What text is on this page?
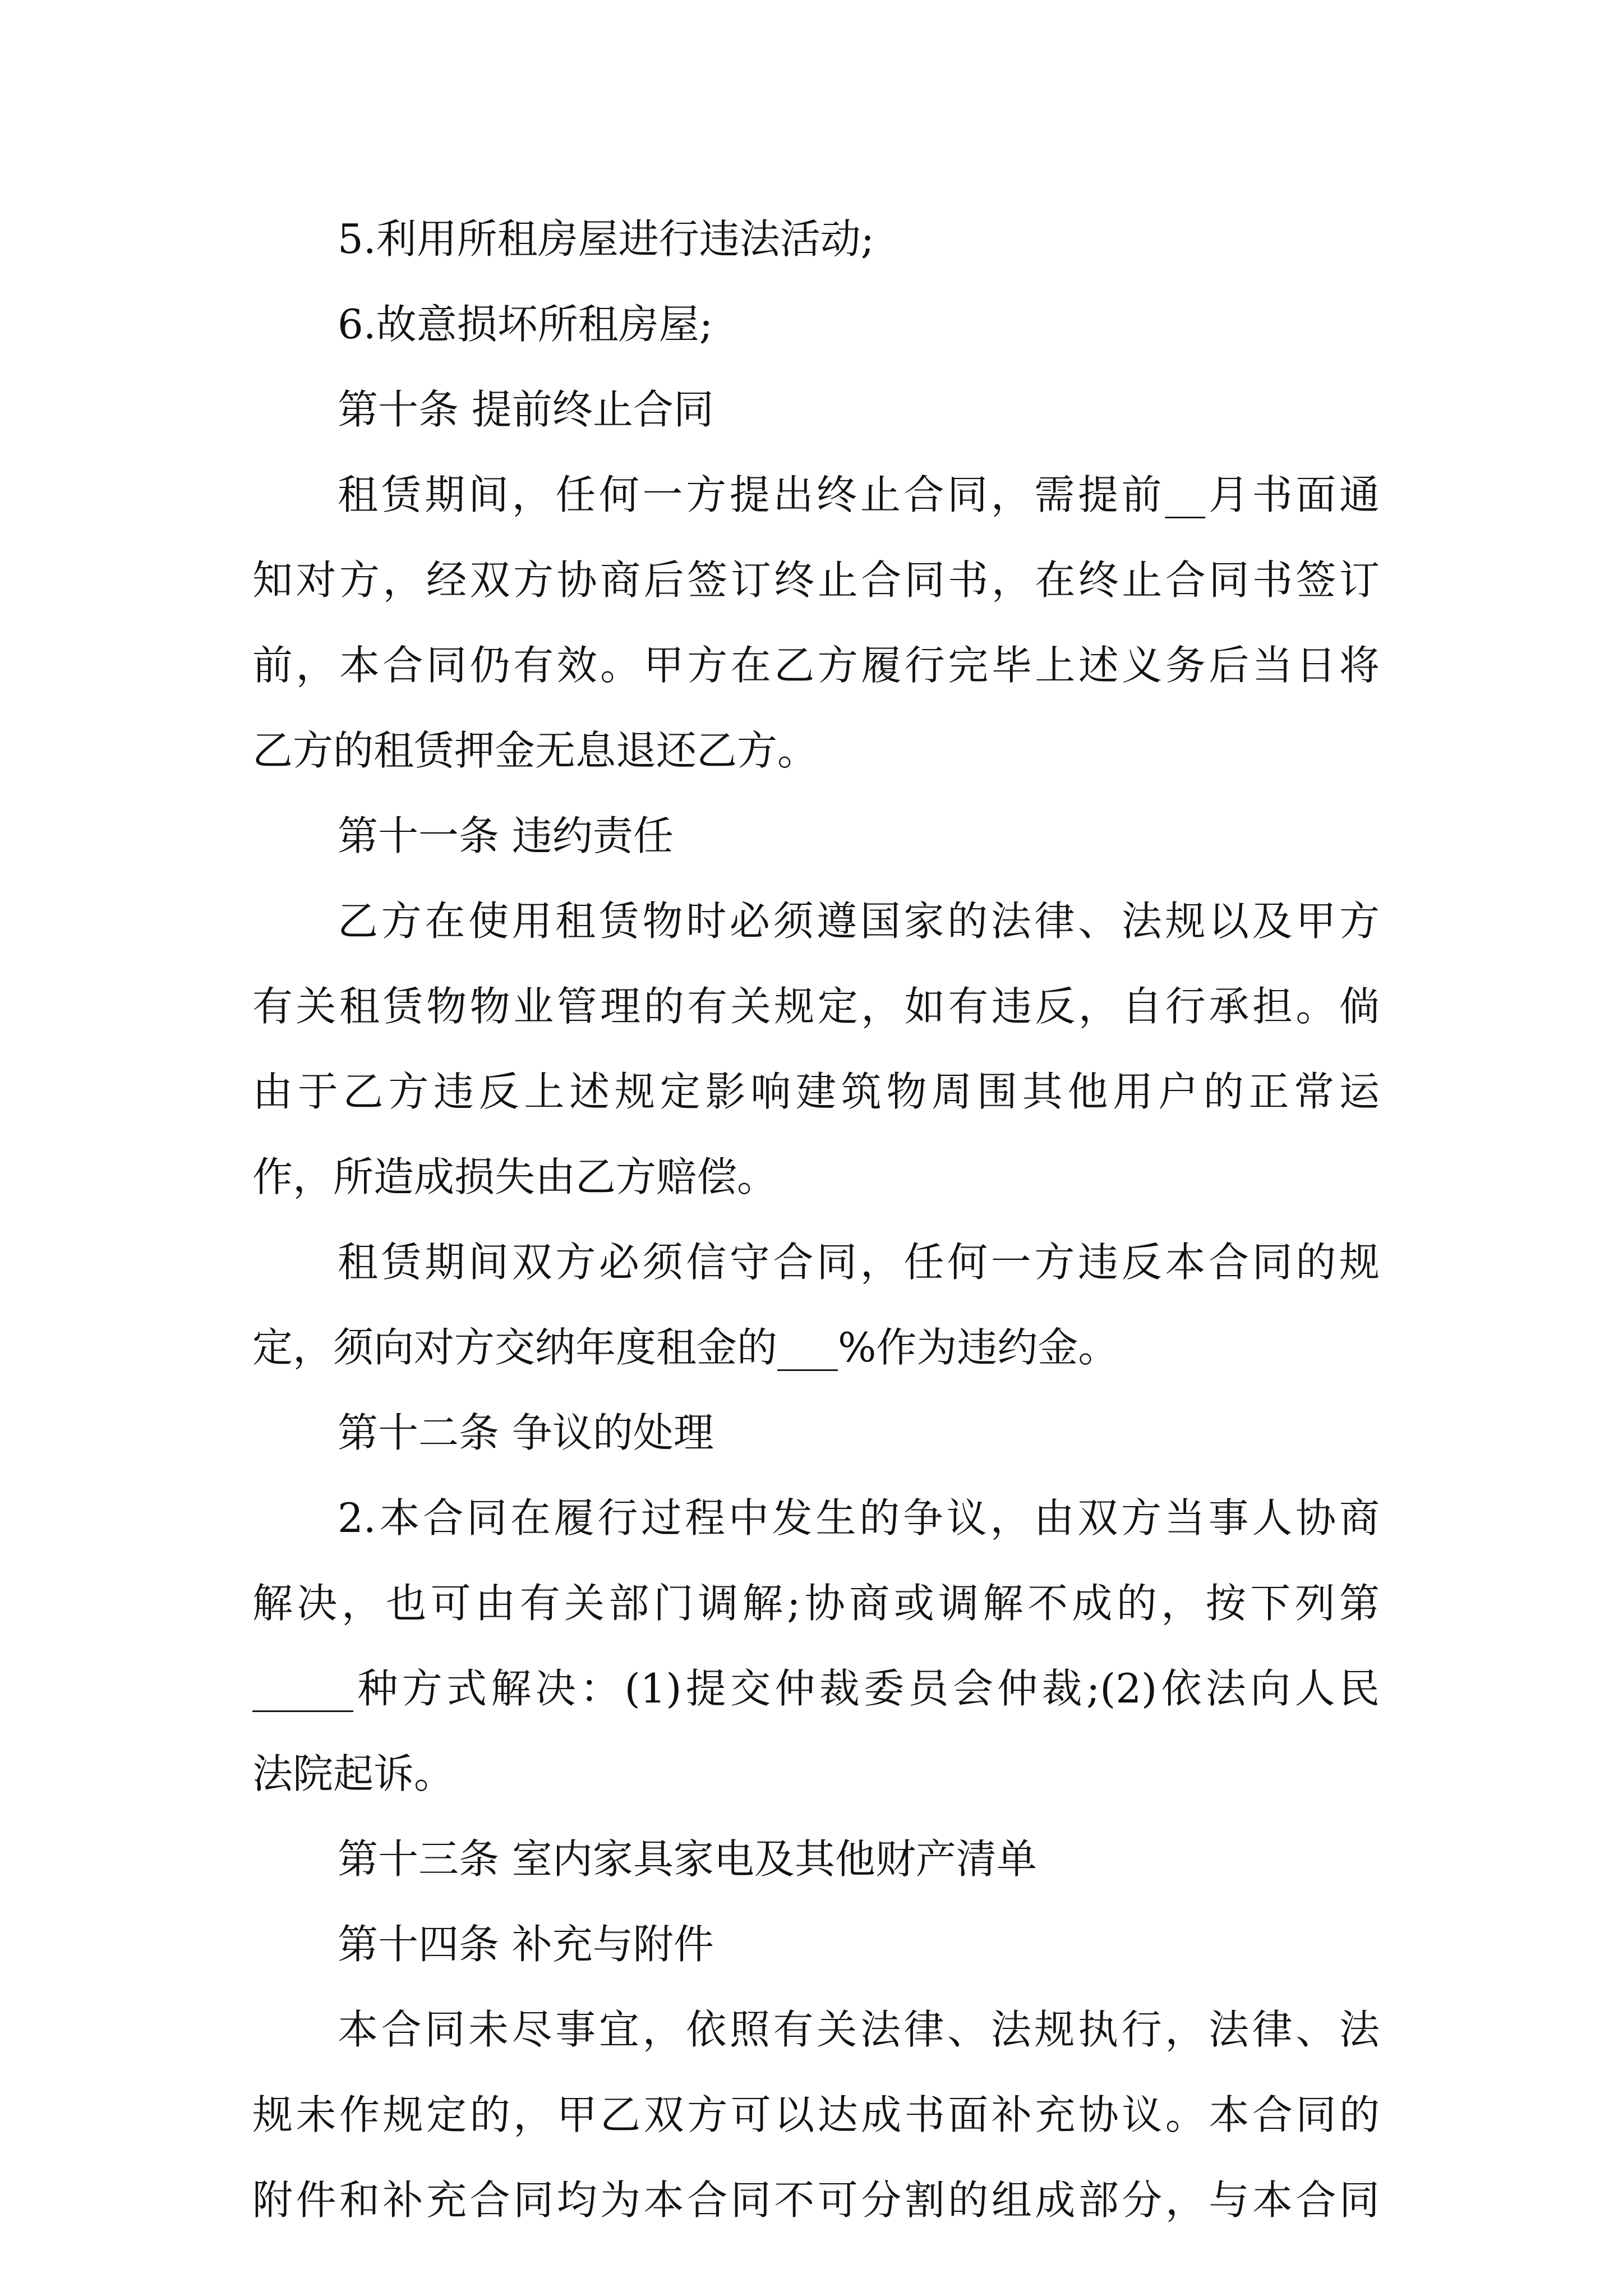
5.利用所租房屋进行违法活动;
6.故意损坏所租房屋;
第十条 提前终止合同
租赁期间，任何一方提出终止合同，需提前__月书面通
知对方，经双方协商后签订终止合同书，在终止合同书签订
前，本合同仍有效。甲方在乙方履行完毕上述义务后当日将
乙方的租赁押金无息退还乙方。
第十一条 违约责任
乙方在使用租赁物时必须遵国家的法律、法规以及甲方
有关租赁物物业管理的有关规定，如有违反，自行承担。倘
由于乙方违反上述规定影响建筑物周围其他用户的正常运
作，所造成损失由乙方赔偿。
租赁期间双方必须信守合同，任何一方违反本合同的规
定，须向对方交纳年度租金的___%作为违约金。
第十二条 争议的处理
2.本合同在履行过程中发生的争议，由双方当事人协商
解决，也可由有关部门调解;协商或调解不成的，按下列第
_____种方式解决：(1)提交仲裁委员会仲裁;(2)依法向人民
法院起诉。
第十三条 室内家具家电及其他财产清单
第十四条 补充与附件
本合同未尽事宜，依照有关法律、法规执行，法律、法
规未作规定的，甲乙双方可以达成书面补充协议。本合同的
附件和补充合同均为本合同不可分割的组成部分，与本合同
